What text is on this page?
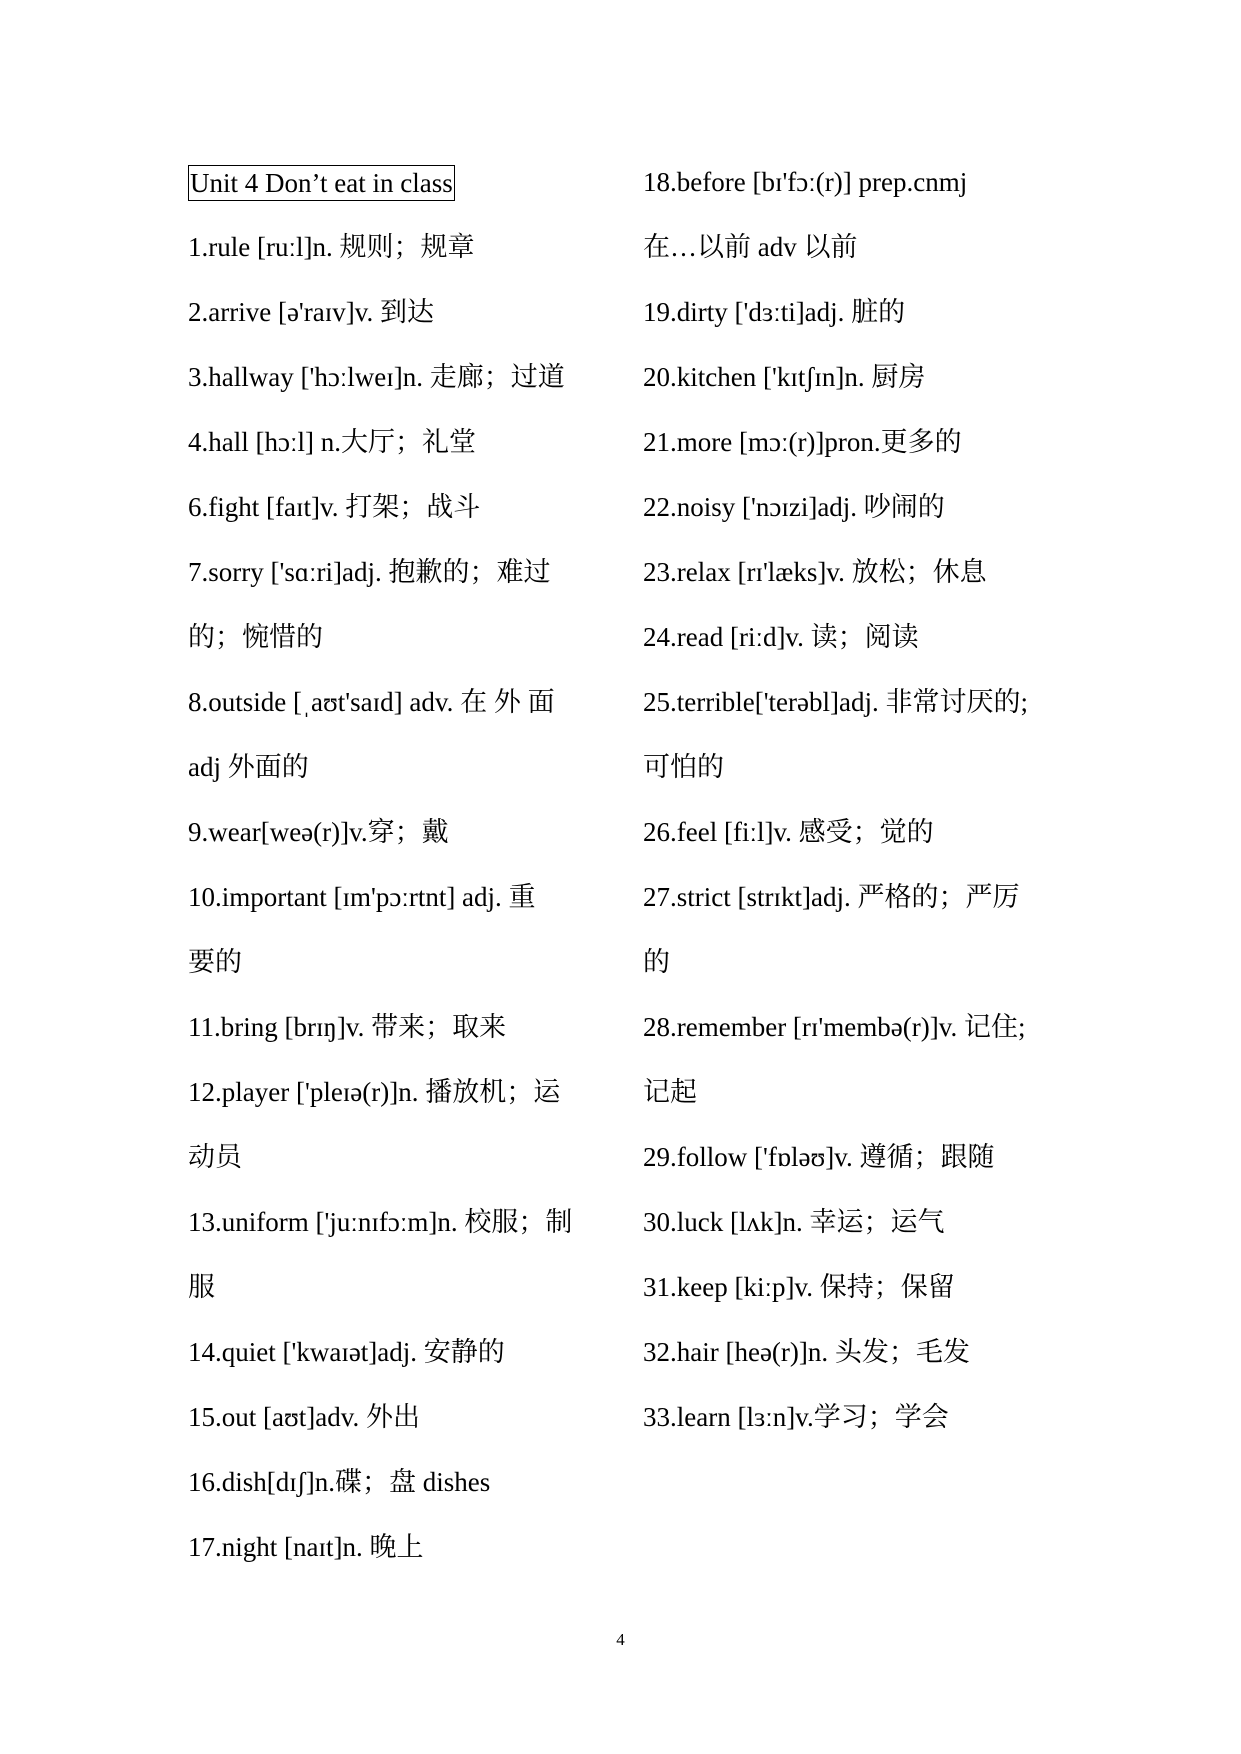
Unit 4 Don’t eat in class
1.rule [ruːl]n. 规则；规章
2.arrive [ə'raɪv]v. 到达
3.hallway ['hɔːlweɪ]n. 走廊；过道
4.hall [hɔːl] n.大厅；礼堂
6.fight [faɪt]v. 打架；战斗
7.sorry ['sɑːri]adj. 抱歉的；难过
的；惋惜的
8.outside [ˌaʊt'saɪd] adv. 在 外 面
adj 外面的
9.wear[weə(r)]v.穿；戴
10.important [ɪm'pɔːrtnt] adj. 重
要的
11.bring [brɪŋ]v. 带来；取来
12.player ['pleɪə(r)]n. 播放机；运
动员
13.uniform ['juːnɪfɔːm]n. 校服；制
服
14.quiet ['kwaɪət]adj. 安静的
15.out [aʊt]adv. 外出
16.dish[dɪʃ]n.碟；盘 dishes
17.night [naɪt]n. 晚上
18.before [bɪ'fɔː(r)] prep.cnmj
在…以前 adv 以前
19.dirty ['dɜːti]adj. 脏的
20.kitchen ['kɪtʃɪn]n. 厨房
21.more [mɔː(r)]pron.更多的
22.noisy ['nɔɪzi]adj. 吵闹的
23.relax [rɪ'læks]v. 放松；休息
24.read [riːd]v. 读；阅读
25.terrible['terəbl]adj. 非常讨厌的;
可怕的
26.feel [fiːl]v. 感受；觉的
27.strict [strɪkt]adj. 严格的；严厉
的
28.remember [rɪ'membə(r)]v. 记住;
记起
29.follow ['fɒləʊ]v. 遵循；跟随
30.luck [lʌk]n. 幸运；运气
31.keep [kiːp]v. 保持；保留
32.hair [heə(r)]n. 头发；毛发
33.learn [lɜːn]v.学习；学会
4
